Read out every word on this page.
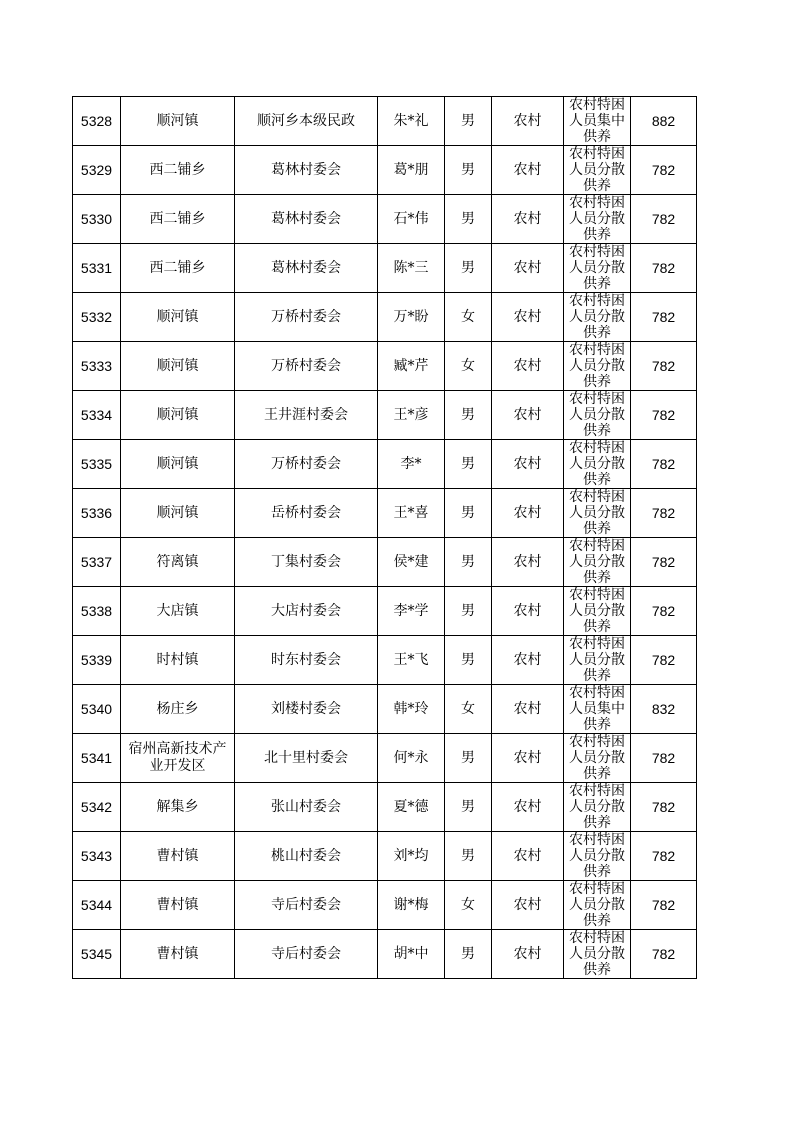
5328	顺河镇	顺河乡本级民政	朱*礼	男	农村	农村特困人员集中供养	882
5329	西二铺乡	葛林村委会	葛*朋	男	农村	农村特困人员分散供养	782
5330	西二铺乡	葛林村委会	石*伟	男	农村	农村特困人员分散供养	782
5331	西二铺乡	葛林村委会	陈*三	男	农村	农村特困人员分散供养	782
5332	顺河镇	万桥村委会	万*盼	女	农村	农村特困人员分散供养	782
5333	顺河镇	万桥村委会	臧*芹	女	农村	农村特困人员分散供养	782
5334	顺河镇	王井涯村委会	王*彦	男	农村	农村特困人员分散供养	782
5335	顺河镇	万桥村委会	李*	男	农村	农村特困人员分散供养	782
5336	顺河镇	岳桥村委会	王*喜	男	农村	农村特困人员分散供养	782
5337	符离镇	丁集村委会	侯*建	男	农村	农村特困人员分散供养	782
5338	大店镇	大店村委会	李*学	男	农村	农村特困人员分散供养	782
5339	时村镇	时东村委会	王*飞	男	农村	农村特困人员分散供养	782
5340	杨庄乡	刘楼村委会	韩*玲	女	农村	农村特困人员集中供养	832
5341	宿州高新技术产业开发区	北十里村委会	何*永	男	农村	农村特困人员分散供养	782
5342	解集乡	张山村委会	夏*德	男	农村	农村特困人员分散供养	782
5343	曹村镇	桃山村委会	刘*均	男	农村	农村特困人员分散供养	782
5344	曹村镇	寺后村委会	谢*梅	女	农村	农村特困人员分散供养	782
5345	曹村镇	寺后村委会	胡*中	男	农村	农村特困人员分散供养	782
